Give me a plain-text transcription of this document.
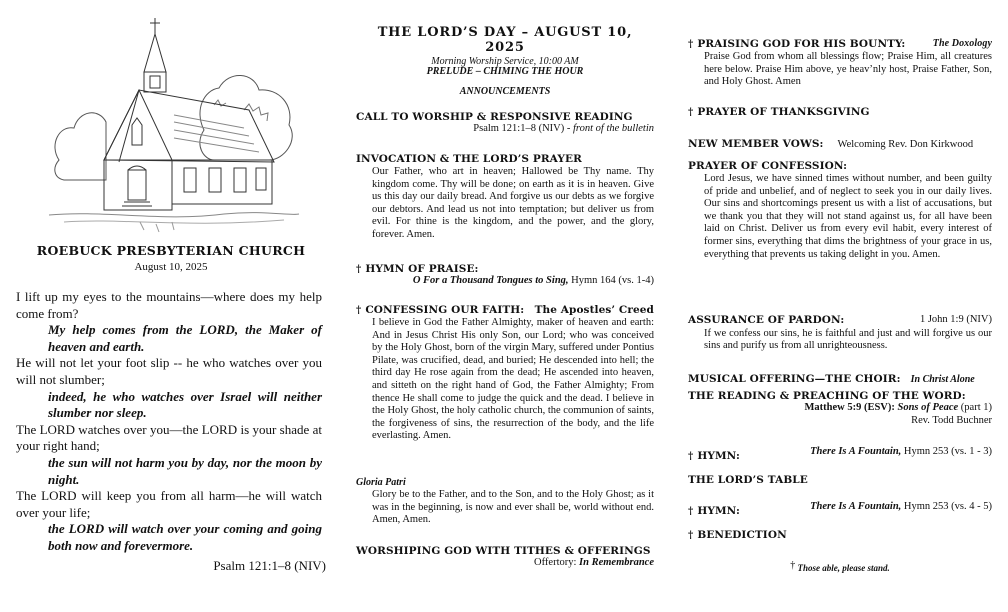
ROEBUCK PRESBYTERIAN CHURCH

August 10, 2025

I lift up my eyes to the mountains—where does my help come from?

My help comes from the LORD, the Maker of heaven and earth.

He will not let your foot slip -- he who watches over you will not slumber;

indeed, he who watches over Israel will neither slumber nor sleep.

The LORD watches over you—the LORD is your shade at your right hand;

the sun will not harm you by day, nor the moon by night.

The LORD will keep you from all harm—he will watch over your life;

the LORD will watch over your coming and going both now and forevermore.

Psalm 121:1–8 (NIV)

THE LORD’S DAY – AUGUST 10, 2025

Morning Worship Service, 10:00 AM

PRELUDE – CHIMING THE HOUR

ANNOUNCEMENTS

CALL TO WORSHIP & RESPONSIVE READING

Psalm 121:1–8 (NIV) - front of the bulletin

INVOCATION & THE LORD’S PRAYER

Our Father, who art in heaven; Hallowed be Thy name. Thy kingdom come. Thy will be done; on earth as it is in heaven. Give us this day our daily bread. And forgive us our debts as we forgive our debtors. And lead us not into temptation; but deliver us from evil. For thine is the kingdom, and the power, and the glory, forever. Amen.

† HYMN OF PRAISE:

O For a Thousand Tongues to Sing, Hymn 164 (vs. 1-4)

† CONFESSING OUR FAITH: The Apostles’ Creed

I believe in God the Father Almighty, maker of heaven and earth: And in Jesus Christ His only Son, our Lord; who was conceived by the Holy Ghost, born of the virgin Mary, suffered under Pontius Pilate, was crucified, dead, and buried; He descended into hell; the third day He rose again from the dead; He ascended into heaven, and sitteth on the right hand of God, the Father Almighty; From thence He shall come to judge the quick and the dead. I believe in the Holy Ghost, the holy catholic church, the communion of saints, the forgiveness of sins, the resurrection of the body, and the life everlasting. Amen.

Gloria Patri

Glory be to the Father, and to the Son, and to the Holy Ghost; as it was in the beginning, is now and ever shall be, world without end. Amen, Amen.

WORSHIPING GOD WITH TITHES & OFFERINGS

Offertory: In Remembrance

† PRAISING GOD FOR HIS BOUNTY:	The Doxology

Praise God from whom all blessings flow; Praise Him, all creatures here below. Praise Him above, ye heav’nly host, Praise Father, Son, and Holy Ghost. Amen

† PRAYER OF THANKSGIVING

NEW MEMBER VOWS: Welcoming Rev. Don Kirkwood

PRAYER OF CONFESSION:

Lord Jesus, we have sinned times without number, and been guilty of pride and unbelief, and of neglect to seek you in our daily lives. Our sins and shortcomings present us with a list of accusations, but we thank you that they will not stand against us, for all have been laid on Christ. Deliver us from every evil habit, every interest of former sins, everything that dims the brightness of your grace in us, everything that prevents us taking delight in you. Amen.

ASSURANCE OF PARDON:	1 John 1:9 (NIV)

If we confess our sins, he is faithful and just and will forgive us our sins and purify us from all unrighteousness.

MUSICAL OFFERING—THE CHOIR: In Christ Alone

THE READING & PREACHING OF THE WORD:

Matthew 5:9 (ESV): Sons of Peace (part 1)

Rev. Todd Buchner

† HYMN:	There Is A Fountain, Hymn 253 (vs. 1 - 3)

THE LORD’S TABLE

† HYMN:	There Is A Fountain, Hymn 253 (vs. 4 - 5)

† BENEDICTION

† Those able, please stand.
